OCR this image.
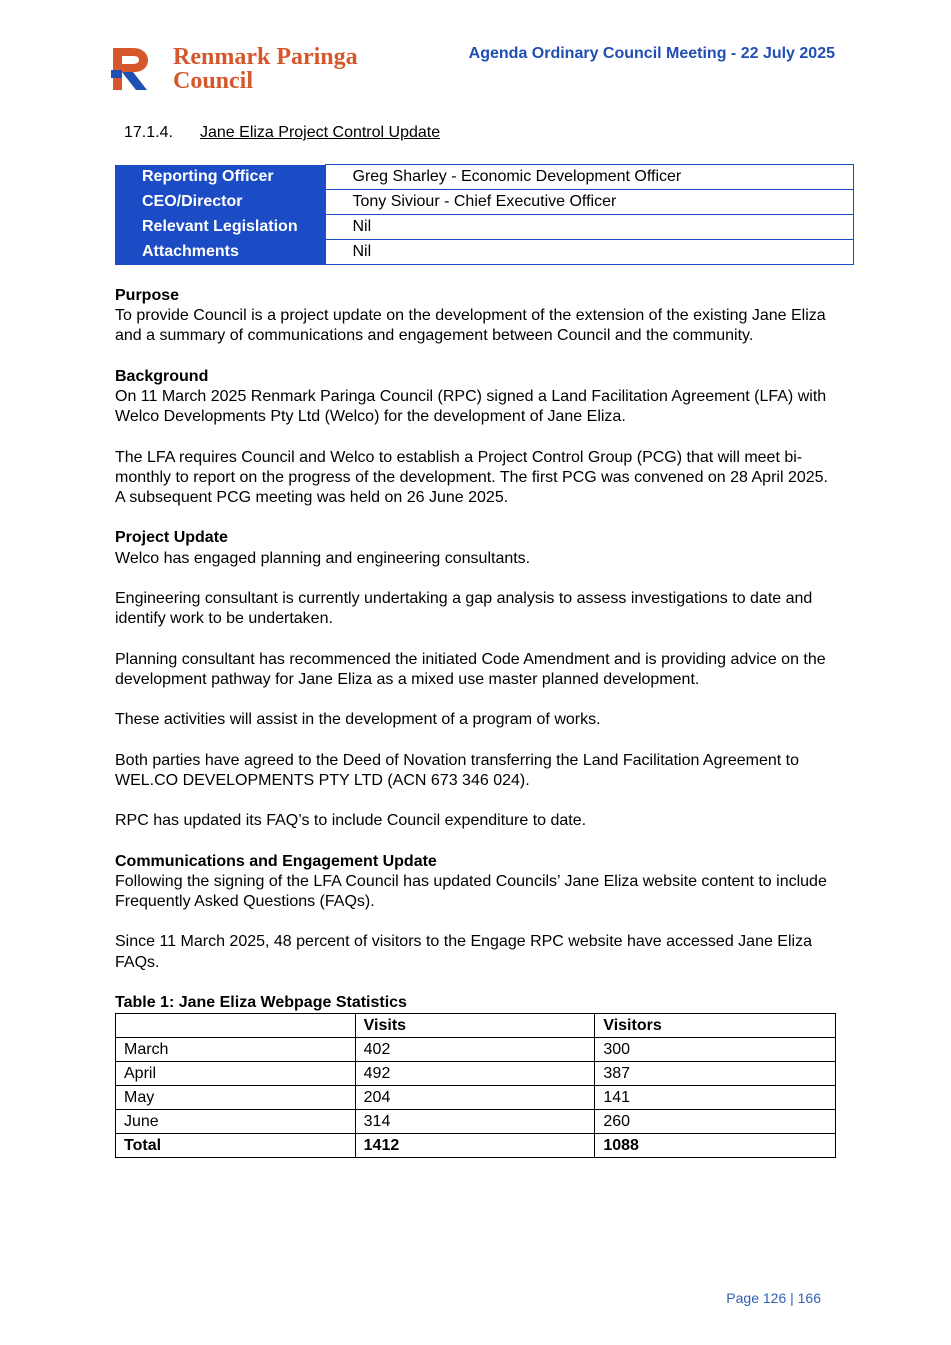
Renmark Paringa
Council
Agenda Ordinary Council Meeting - 22 July 2025
17.1.4. Jane Eliza Project Control Update
Reporting Officer	Greg Sharley - Economic Development Officer
CEO/Director	Tony Siviour - Chief Executive Officer
Relevant Legislation	Nil
Attachments	Nil
Purpose

To provide Council is a project update on the development of the extension of the existing Jane Eliza and a summary of communications and engagement between Council and the community.

Background

On 11 March 2025 Renmark Paringa Council (RPC) signed a Land Facilitation Agreement (LFA) with Welco Developments Pty Ltd (Welco) for the development of Jane Eliza.

The LFA requires Council and Welco to establish a Project Control Group (PCG) that will meet bi-monthly to report on the progress of the development. The first PCG was convened on 28 April 2025. A subsequent PCG meeting was held on 26 June 2025.

Project Update

Welco has engaged planning and engineering consultants.

Engineering consultant is currently undertaking a gap analysis to assess investigations to date and identify work to be undertaken.

Planning consultant has recommenced the initiated Code Amendment and is providing advice on the development pathway for Jane Eliza as a mixed use master planned development.

These activities will assist in the development of a program of works.

Both parties have agreed to the Deed of Novation transferring the Land Facilitation Agreement to WEL.CO DEVELOPMENTS PTY LTD (ACN 673 346 024).

RPC has updated its FAQ’s to include Council expenditure to date.

Communications and Engagement Update

Following the signing of the LFA Council has updated Councils’ Jane Eliza website content to include Frequently Asked Questions (FAQs).

Since 11 March 2025, 48 percent of visitors to the Engage RPC website have accessed Jane Eliza FAQs.

Table 1: Jane Eliza Webpage Statistics
	Visits	Visitors
March	402	300
April	492	387
May	204	141
June	314	260
Total	1412	1088
Page 126 | 166
